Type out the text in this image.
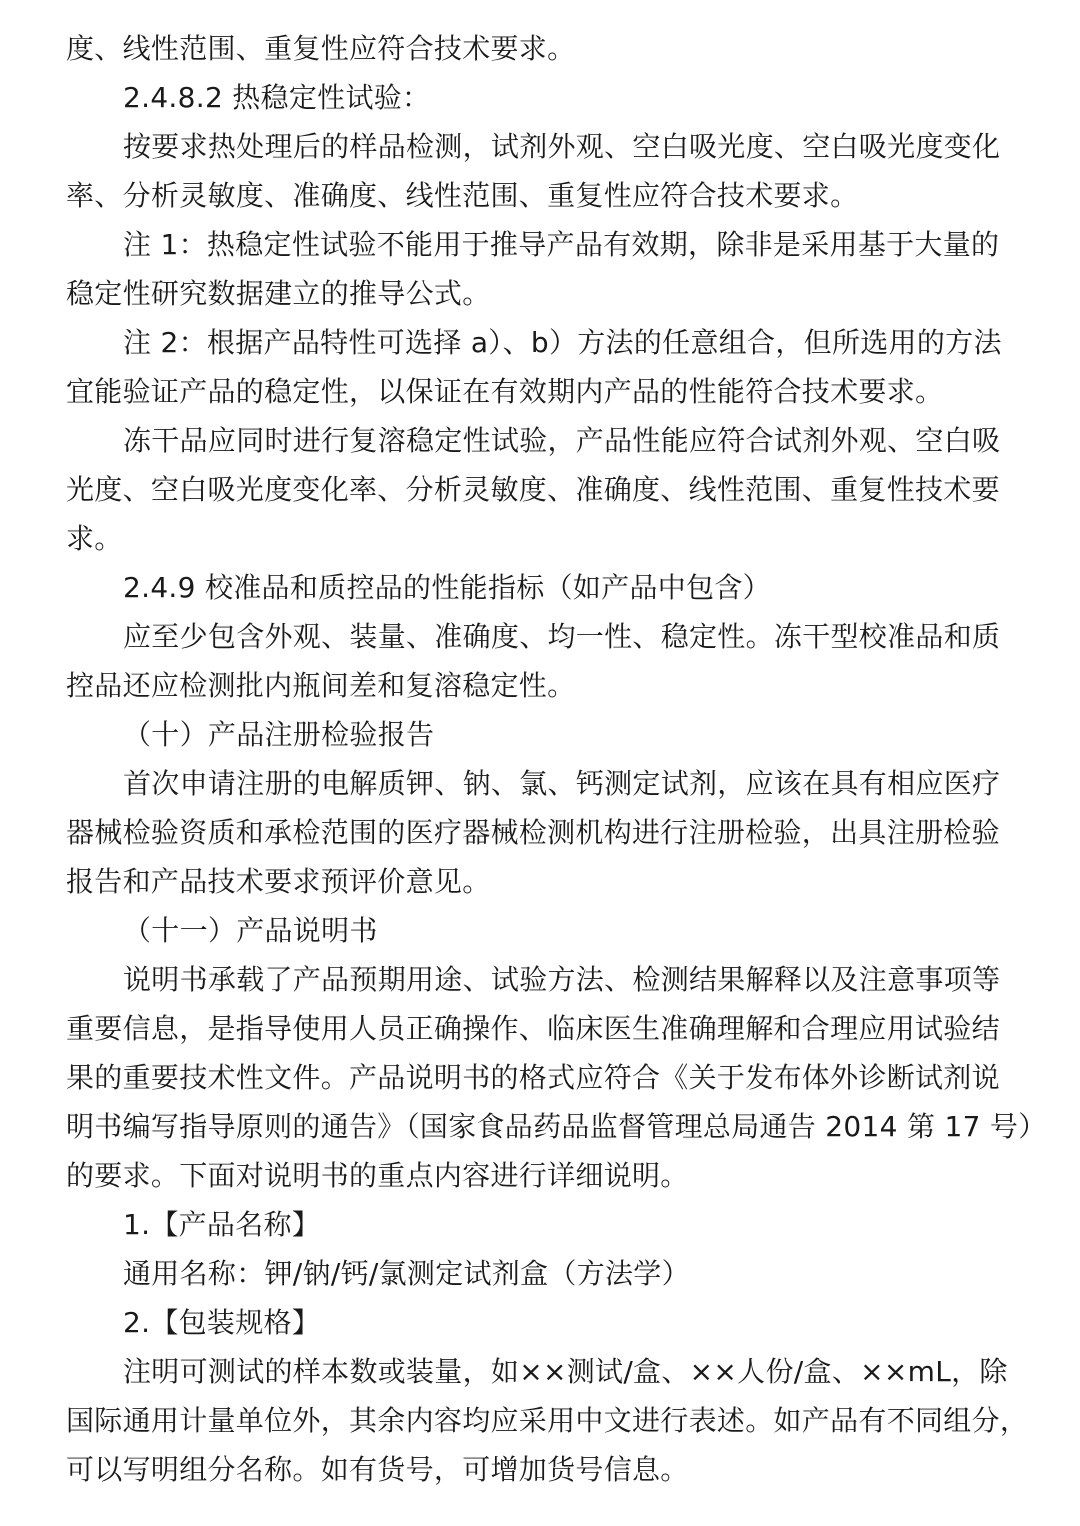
度、线性范围、重复性应符合技术要求。
2.4.8.2 热稳定性试验：
按要求热处理后的样品检测，试剂外观、空白吸光度、空白吸光度变化
率、分析灵敏度、准确度、线性范围、重复性应符合技术要求。
注 1：热稳定性试验不能用于推导产品有效期，除非是采用基于大量的
稳定性研究数据建立的推导公式。
注 2：根据产品特性可选择 a）、b）方法的任意组合，但所选用的方法
宜能验证产品的稳定性，以保证在有效期内产品的性能符合技术要求。
冻干品应同时进行复溶稳定性试验，产品性能应符合试剂外观、空白吸
光度、空白吸光度变化率、分析灵敏度、准确度、线性范围、重复性技术要
求。
2.4.9 校准品和质控品的性能指标（如产品中包含）
应至少包含外观、装量、准确度、均一性、稳定性。冻干型校准品和质
控品还应检测批内瓶间差和复溶稳定性。
（十）产品注册检验报告
首次申请注册的电解质钾、钠、氯、钙测定试剂，应该在具有相应医疗
器械检验资质和承检范围的医疗器械检测机构进行注册检验，出具注册检验
报告和产品技术要求预评价意见。
（十一）产品说明书
说明书承载了产品预期用途、试验方法、检测结果解释以及注意事项等
重要信息，是指导使用人员正确操作、临床医生准确理解和合理应用试验结
果的重要技术性文件。产品说明书的格式应符合《关于发布体外诊断试剂说
明书编写指导原则的通告》（国家食品药品监督管理总局通告 2014 第 17 号）
的要求。下面对说明书的重点内容进行详细说明。
1.【产品名称】
通用名称：钾/钠/钙/氯测定试剂盒（方法学）
2.【包装规格】
注明可测试的样本数或装量，如××测试/盒、××人份/盒、××mL，除
国际通用计量单位外，其余内容均应采用中文进行表述。如产品有不同组分，
可以写明组分名称。如有货号，可增加货号信息。
